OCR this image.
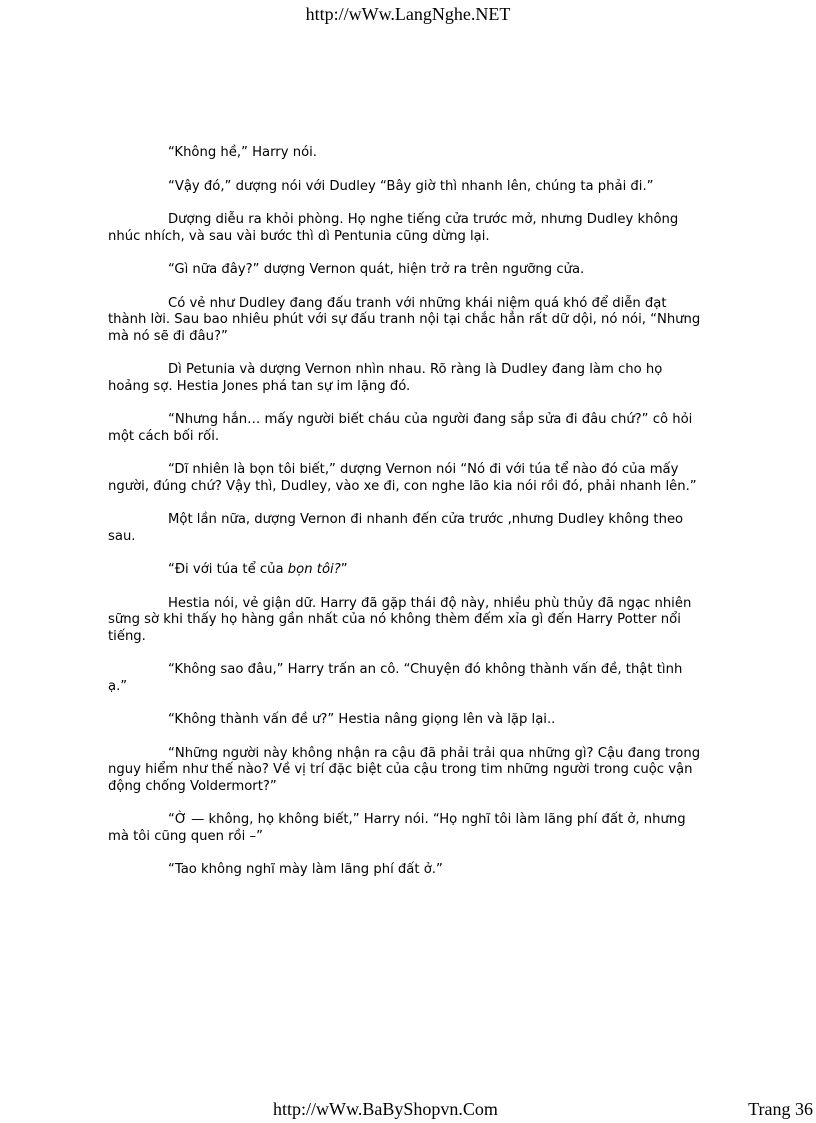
http://wWw.LangNghe.NET

“Không hề,” Harry nói.

“Vậy đó,” dượng nói với Dudley “Bây giờ thì nhanh lên, chúng ta phải đi.”

Dượng diễu ra khỏi phòng. Họ nghe tiếng cửa trước mở, nhưng Dudley không nhúc nhích, và sau vài bước thì dì Pentunia cũng dừng lại.

“Gì nữa đây?” dượng Vernon quát, hiện trở ra trên ngưỡng cửa.

Có vẻ như Dudley đang đấu tranh với những khái niệm quá khó để diễn đạt thành lời. Sau bao nhiêu phút với sự đấu tranh nội tại chắc hẳn rất dữ dội, nó nói, “Nhưng mà nó sẽ đi đâu?”

Dì Petunia và dượng Vernon nhìn nhau. Rõ ràng là Dudley đang làm cho họ hoảng sợ. Hestia Jones phá tan sự im lặng đó.

“Nhưng hắn… mấy người biết cháu của người đang sắp sửa đi đâu chứ?” cô hỏi một cách bối rối.

“Dĩ nhiên là bọn tôi biết,” dượng Vernon nói “Nó đi với túa tể nào đó của mấy người, đúng chứ? Vậy thì, Dudley, vào xe đi, con nghe lão kia nói rồi đó, phải nhanh lên.”

Một lần nữa, dượng Vernon đi nhanh đến cửa trước ,nhưng Dudley không theo sau.

“Đi với túa tể của bọn tôi?”

Hestia nói, vẻ giận dữ. Harry đã gặp thái độ này, nhiều phù thủy đã ngạc nhiên sững sờ khi thấy họ hàng gần nhất của nó không thèm đếm xỉa gì đến Harry Potter nổi tiếng.

“Không sao đâu,” Harry trấn an cô. “Chuyện đó không thành vấn đề, thật tình ạ.”

“Không thành vấn đề ư?” Hestia nâng giọng lên và lặp lại..

“Những người này không nhận ra cậu đã phải trải qua những gì? Cậu đang trong nguy hiểm như thế nào? Về vị trí đặc biệt của cậu trong tim những người trong cuộc vận động chống Voldermort?”

“Ờ — không, họ không biết,” Harry nói. “Họ nghĩ tôi làm lãng phí đất ở, nhưng mà tôi cũng quen rồi –”

“Tao không nghĩ mày làm lãng phí đất ở.”

http://wWw.BaByShopvn.Com	Trang 36
